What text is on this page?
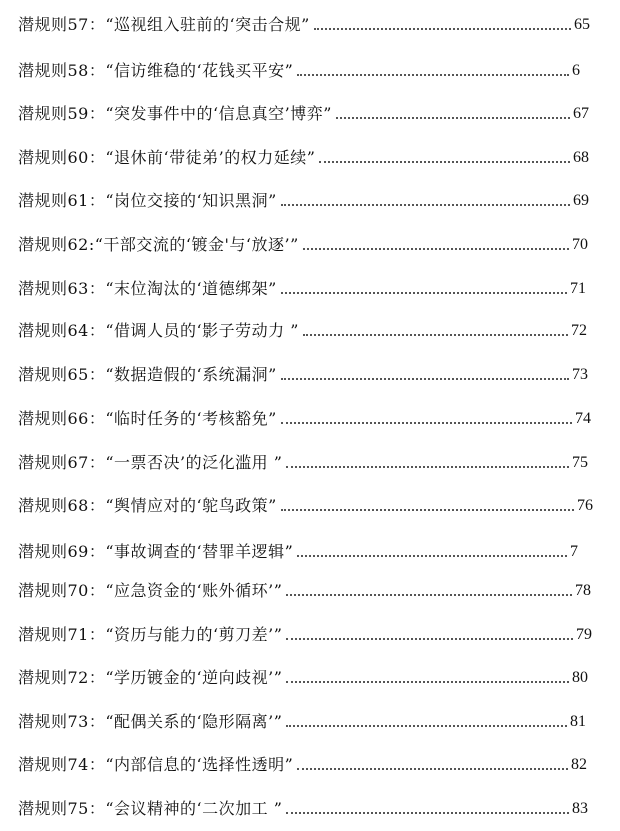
潜规则57：“巡视组入驻前的‘突击合规”	65
潜规则58：“信访维稳的‘花钱买平安”	6
潜规则59：“突发事件中的‘信息真空’博弈”	67
潜规则60：“退休前‘带徒弟’的权力延续”	68
潜规则61：“岗位交接的‘知识黑洞”	69
潜规则62:“干部交流的‘镀金'与‘放逐’”	70
潜规则63：“末位淘汰的‘道德绑架”	71
潜规则64：“借调人员的‘影子劳动力 ”	72
潜规则65：“数据造假的‘系统漏洞”	73
潜规则66：“临时任务的‘考核豁免”	74
潜规则67：“一票否决’的泛化滥用 ”	75
潜规则68：“舆情应对的‘鸵鸟政策”	76
潜规则69：“事故调查的‘替罪羊逻辑”	7
潜规则70：“应急资金的‘账外循环’”	78
潜规则71：“资历与能力的‘剪刀差’”	79
潜规则72：“学历镀金的‘逆向歧视’”	80
潜规则73：“配偶关系的‘隐形隔离’”	81
潜规则74：“内部信息的‘选择性透明”	82
潜规则75：“会议精神的‘二次加工 ”	83
